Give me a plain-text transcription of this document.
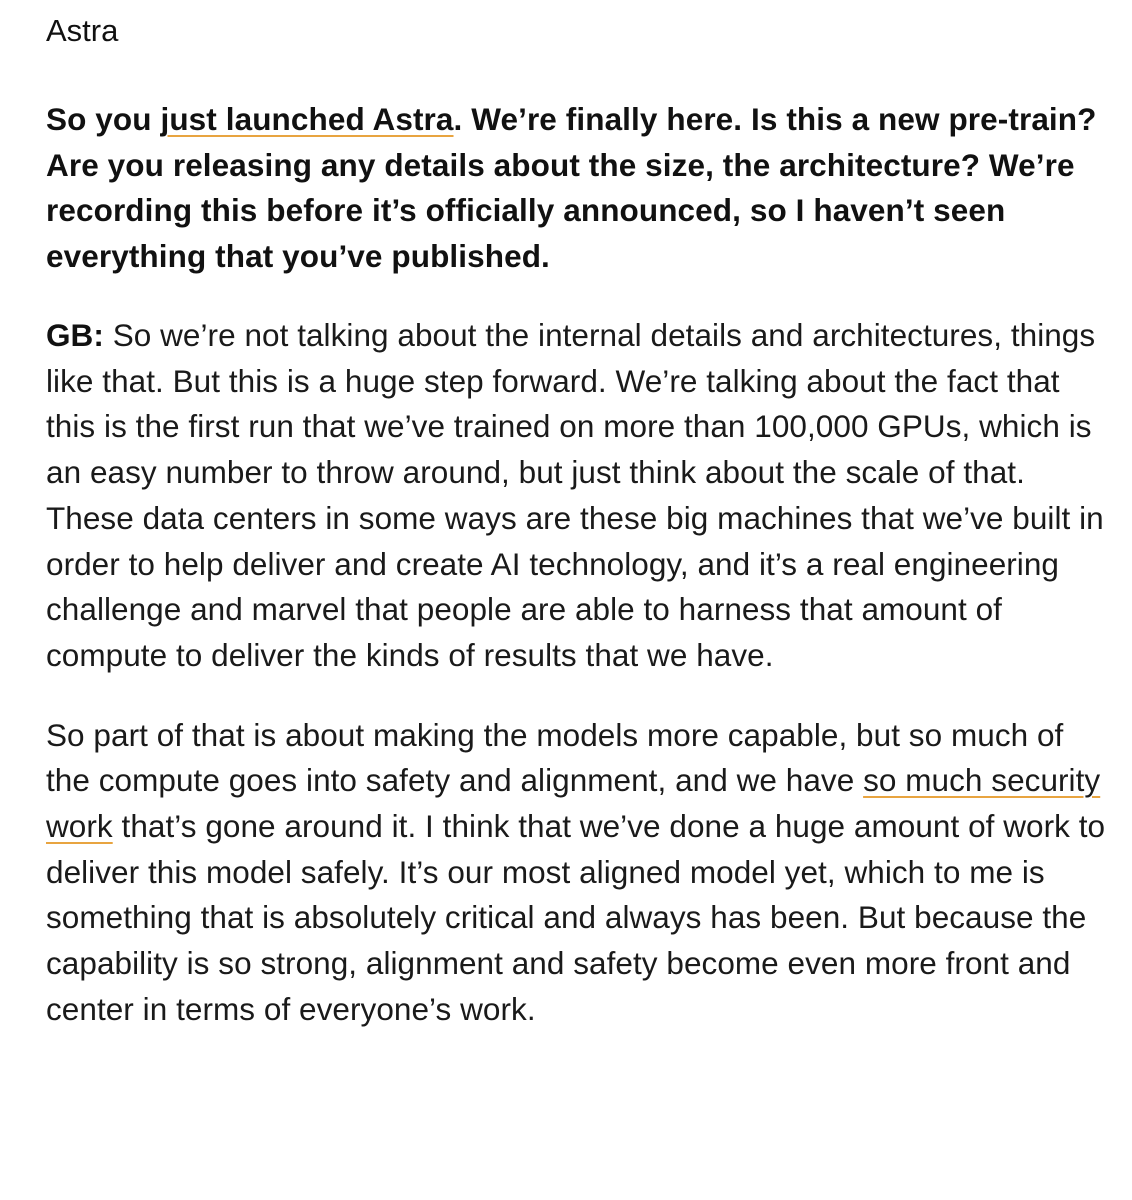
Astra

So you just launched Astra. We’re finally here. Is this a new pre-train? Are you releasing any details about the size, the architecture? We’re recording this before it’s officially announced, so I haven’t seen everything that you’ve published.

GB: So we’re not talking about the internal details and architectures, things like that. But this is a huge step forward. We’re talking about the fact that this is the first run that we’ve trained on more than 100,000 GPUs, which is an easy number to throw around, but just think about the scale of that. These data centers in some ways are these big machines that we’ve built in order to help deliver and create AI technology, and it’s a real engineering challenge and marvel that people are able to harness that amount of compute to deliver the kinds of results that we have.

So part of that is about making the models more capable, but so much of the compute goes into safety and alignment, and we have so much security work that’s gone around it. I think that we’ve done a huge amount of work to deliver this model safely. It’s our most aligned model yet, which to me is something that is absolutely critical and always has been. But because the capability is so strong, alignment and safety become even more front and center in terms of everyone’s work.
